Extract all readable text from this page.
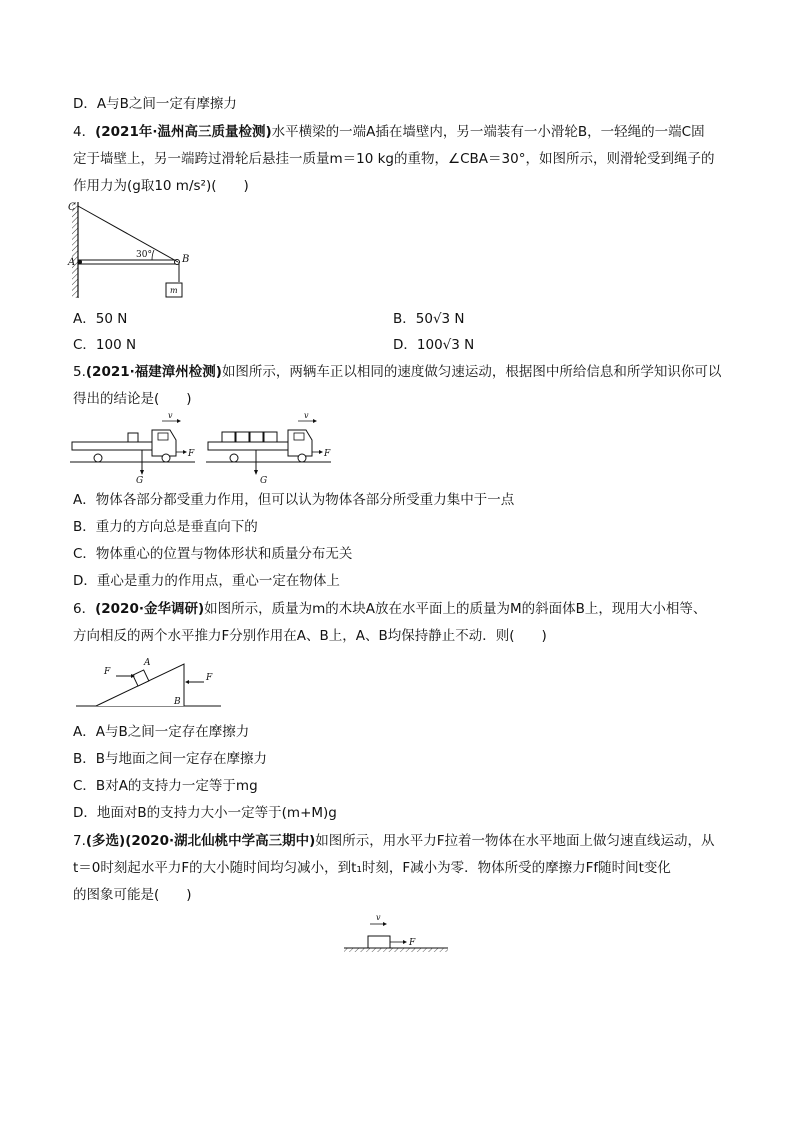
D．A与B之间一定有摩擦力
4．(2021年·温州高三质量检测)水平横梁的一端A插在墙壁内，另一端装有一小滑轮B，一轻绳的一端C固
定于墙壁上，另一端跨过滑轮后悬挂一质量m＝10 kg的重物，∠CBA＝30°，如图所示，则滑轮受到绳子的
作用力为(g取10 m/s²)(　　)
C
A	B
30°
m
A．50 N	B．50√3 N
C．100 N	D．100√3 N
5.(2021·福建漳州检测)如图所示，两辆车正以相同的速度做匀速运动，根据图中所给信息和所学知识你可以
得出的结论是(　　)
v
F
G
v
F
G
A．物体各部分都受重力作用，但可以认为物体各部分所受重力集中于一点
B．重力的方向总是垂直向下的
C．物体重心的位置与物体形状和质量分布无关
D．重心是重力的作用点，重心一定在物体上
6．(2020·金华调研)如图所示，质量为m的木块A放在水平面上的质量为M的斜面体B上，现用大小相等、
方向相反的两个水平推力F分别作用在A、B上，A、B均保持静止不动．则(　　)
F
A
B
F
A．A与B之间一定存在摩擦力
B．B与地面之间一定存在摩擦力
C．B对A的支持力一定等于mg
D．地面对B的支持力大小一定等于(m+M)g
7.(多选)(2020·湖北仙桃中学高三期中)如图所示，用水平力F拉着一物体在水平地面上做匀速直线运动，从
t＝0时刻起水平力F的大小随时间均匀减小，到t₁时刻，F减小为零．物体所受的摩擦力Ff随时间t变化
的图象可能是(　　)
v
F
